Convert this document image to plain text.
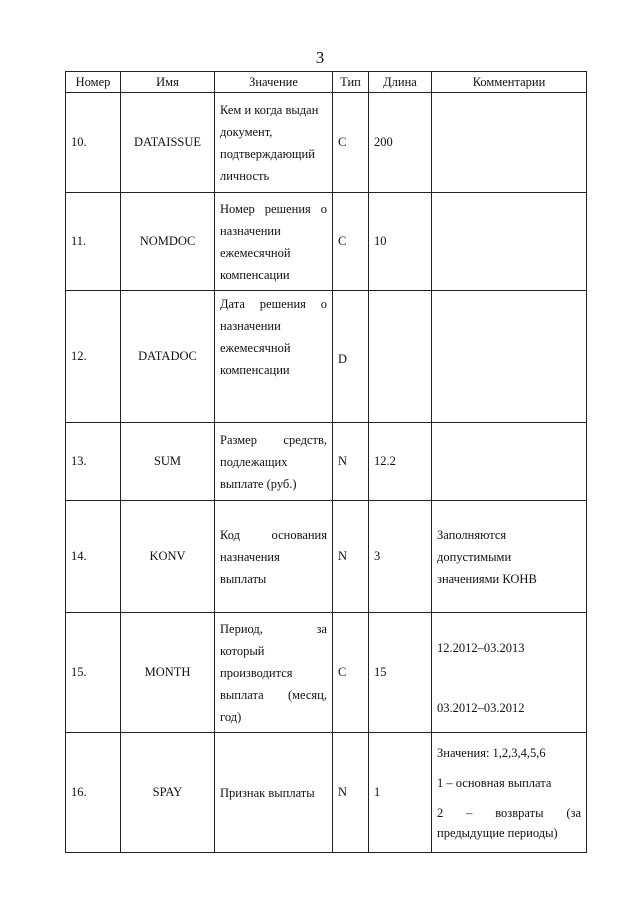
3
Номер	Имя	Значение	Тип	Длина	Комментарии
10.	DATAISSUE	Кем и когда выдан
документ,
подтверждающий
личность	C	200	
11.	NOMDOC	Номер решения о
назначении
ежемесячной
компенсации	C	10	
12.	DATADOC	Дата решения о
назначении
ежемесячной
компенсации	D		
13.	SUM	Размер средств,
подлежащих
выплате (руб.)	N	12.2	
14.	KONV	Код основания
назначения
выплаты	N	3	Заполняются
допустимыми
значениями КОНВ

15.	MONTH	Период, за
который
производится
выплата (месяц,
год)	C	15	12.2012–03.2013
03.2012–03.2012

16.	SPAY	Признак выплаты	N	1	Значения: 1,2,3,4,5,6
1 – основная выплата
2 – возвраты (за
предыдущие периоды)
